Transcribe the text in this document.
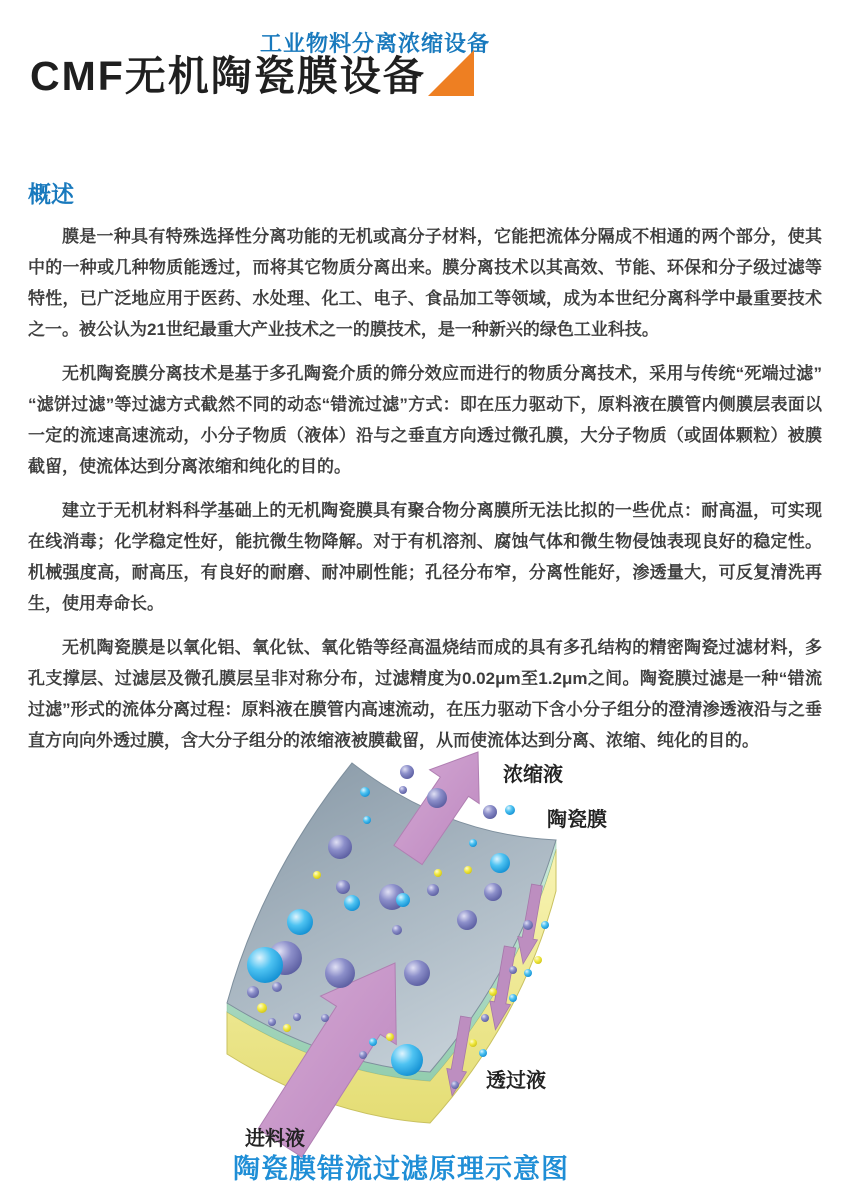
工业物料分离浓缩设备
CMF无机陶瓷膜设备
概述

膜是一种具有特殊选择性分离功能的无机或高分子材料，它能把流体分隔成不相通的两个部分，使其中的一种或几种物质能透过，而将其它物质分离出来。膜分离技术以其高效、节能、环保和分子级过滤等特性，已广泛地应用于医药、水处理、化工、电子、食品加工等领域，成为本世纪分离科学中最重要技术之一。被公认为21世纪最重大产业技术之一的膜技术，是一种新兴的绿色工业科技。

无机陶瓷膜分离技术是基于多孔陶瓷介质的筛分效应而进行的物质分离技术，采用与传统“死端过滤” “滤饼过滤”等过滤方式截然不同的动态“错流过滤”方式：即在压力驱动下，原料液在膜管内侧膜层表面以一定的流速高速流动，小分子物质（液体）沿与之垂直方向透过微孔膜，大分子物质（或固体颗粒）被膜截留，使流体达到分离浓缩和纯化的目的。

建立于无机材料科学基础上的无机陶瓷膜具有聚合物分离膜所无法比拟的一些优点：耐高温，可实现在线消毒；化学稳定性好，能抗微生物降解。对于有机溶剂、腐蚀气体和微生物侵蚀表现良好的稳定性。机械强度高，耐高压，有良好的耐磨、耐冲刷性能；孔径分布窄，分离性能好，渗透量大，可反复清洗再生，使用寿命长。

无机陶瓷膜是以氧化铝、氧化钛、氧化锆等经高温烧结而成的具有多孔结构的精密陶瓷过滤材料，多孔支撑层、过滤层及微孔膜层呈非对称分布，过滤精度为0.02μm至1.2μm之间。陶瓷膜过滤是一种“错流过滤”形式的流体分离过程：原料液在膜管内高速流动，在压力驱动下含小分子组分的澄清渗透液沿与之垂直方向向外透过膜，含大分子组分的浓缩液被膜截留，从而使流体达到分离、浓缩、纯化的目的。

浓缩液
陶瓷膜
透过液
进料液
陶瓷膜错流过滤原理示意图
